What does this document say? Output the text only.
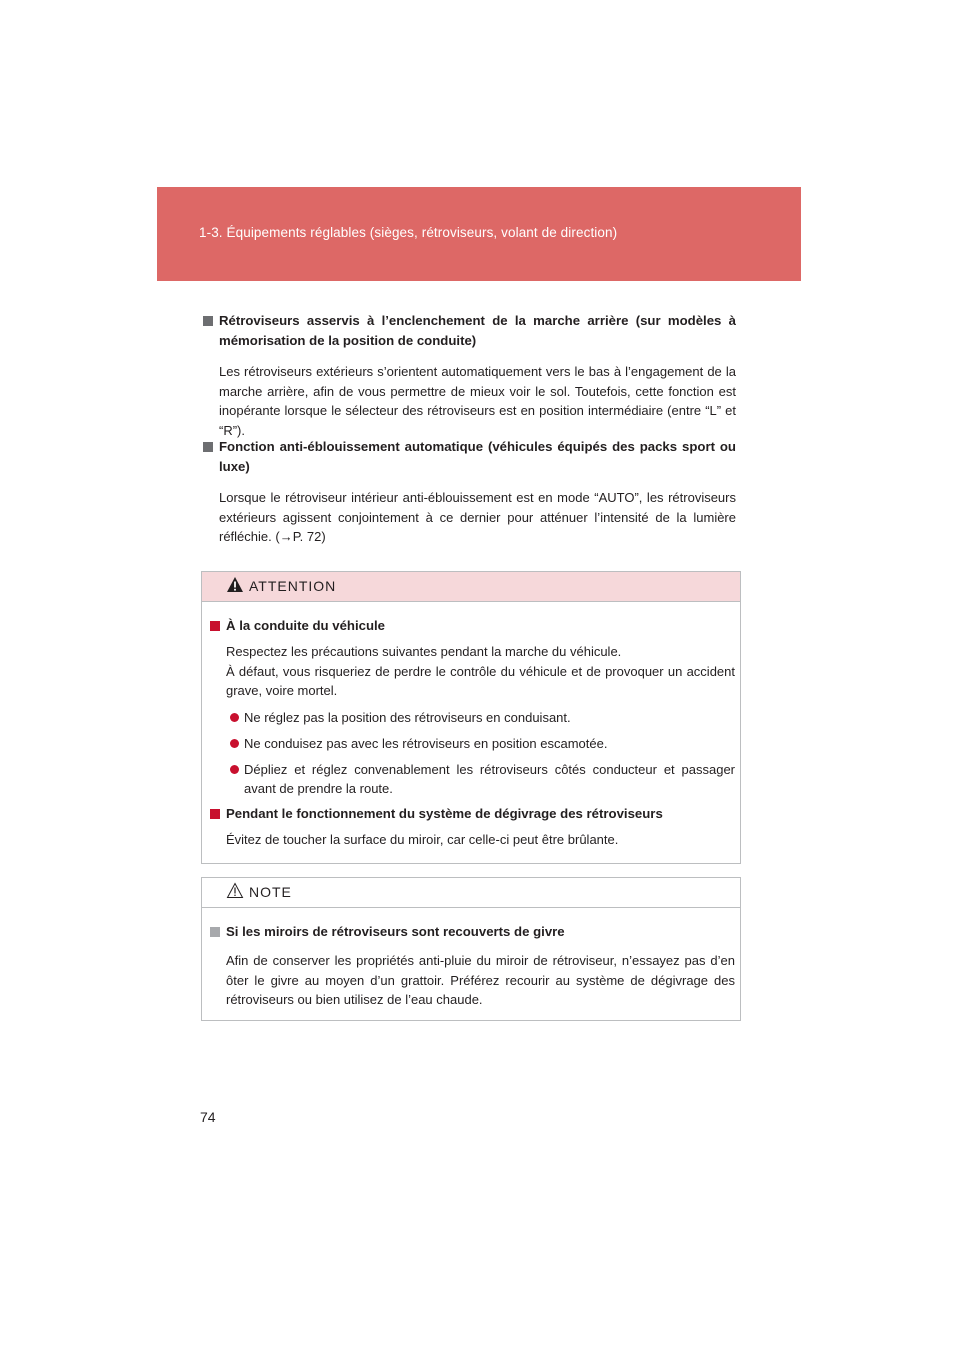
1-3. Équipements réglables (sièges, rétroviseurs, volant de direction)
Rétroviseurs asservis à l’enclenchement de la marche arrière (sur modèles à mémorisation de la position de conduite)
Les rétroviseurs extérieurs s’orientent automatiquement vers le bas à l’engagement de la marche arrière, afin de vous permettre de mieux voir le sol. Toutefois, cette fonction est inopérante lorsque le sélecteur des rétroviseurs est en position intermédiaire (entre “L” et “R”).
Fonction anti-éblouissement automatique (véhicules équipés des packs sport ou luxe)
Lorsque le rétroviseur intérieur anti-éblouissement est en mode “AUTO”, les rétroviseurs extérieurs agissent conjointement à ce dernier pour atténuer l’intensité de la lumière réfléchie. (→P. 72)
ATTENTION
À la conduite du véhicule
Respectez les précautions suivantes pendant la marche du véhicule.
À défaut, vous risqueriez de perdre le contrôle du véhicule et de provoquer un accident grave, voire mortel.
Ne réglez pas la position des rétroviseurs en conduisant.
Ne conduisez pas avec les rétroviseurs en position escamotée.
Dépliez et réglez convenablement les rétroviseurs côtés conducteur et passager avant de prendre la route.
Pendant le fonctionnement du système de dégivrage des rétroviseurs
Évitez de toucher la surface du miroir, car celle-ci peut être brûlante.
NOTE
Si les miroirs de rétroviseurs sont recouverts de givre
Afin de conserver les propriétés anti-pluie du miroir de rétroviseur, n’essayez pas d’en ôter le givre au moyen d’un grattoir. Préférez recourir au système de dégivrage des rétroviseurs ou bien utilisez de l’eau chaude.
74
